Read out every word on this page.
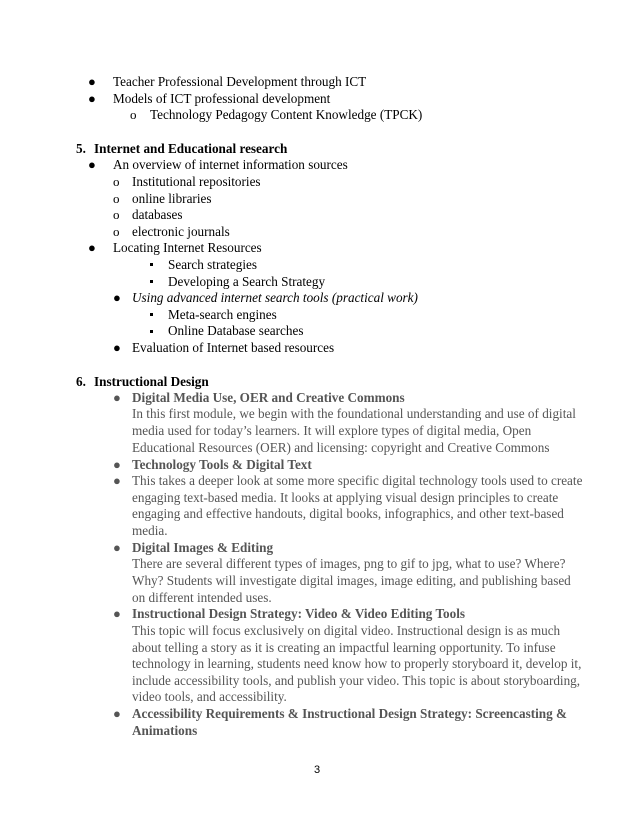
● Teacher Professional Development through ICT
● Models of ICT professional development
o Technology Pedagogy Content Knowledge (TPCK)
5. Internet and Educational research
● An overview of internet information sources
o Institutional repositories
o online libraries
o databases
o electronic journals
● Locating Internet Resources
Search strategies
Developing a Search Strategy
● Using advanced internet search tools (practical work)
Meta-search engines
Online Database searches
● Evaluation of Internet based resources
6. Instructional Design
● Digital Media Use, OER and Creative Commons
In this first module, we begin with the foundational understanding and use of digital
media used for today’s learners. It will explore types of digital media, Open
Educational Resources (OER) and licensing: copyright and Creative Commons
● Technology Tools & Digital Text
● This takes a deeper look at some more specific digital technology tools used to create
engaging text-based media. It looks at applying visual design principles to create
engaging and effective handouts, digital books, infographics, and other text-based
media.
● Digital Images & Editing
There are several different types of images, png to gif to jpg, what to use? Where?
Why? Students will investigate digital images, image editing, and publishing based
on different intended uses.
● Instructional Design Strategy: Video & Video Editing Tools
This topic will focus exclusively on digital video. Instructional design is as much
about telling a story as it is creating an impactful learning opportunity. To infuse
technology in learning, students need know how to properly storyboard it, develop it,
include accessibility tools, and publish your video. This topic is about storyboarding,
video tools, and accessibility.
● Accessibility Requirements & Instructional Design Strategy: Screencasting &
Animations
3
